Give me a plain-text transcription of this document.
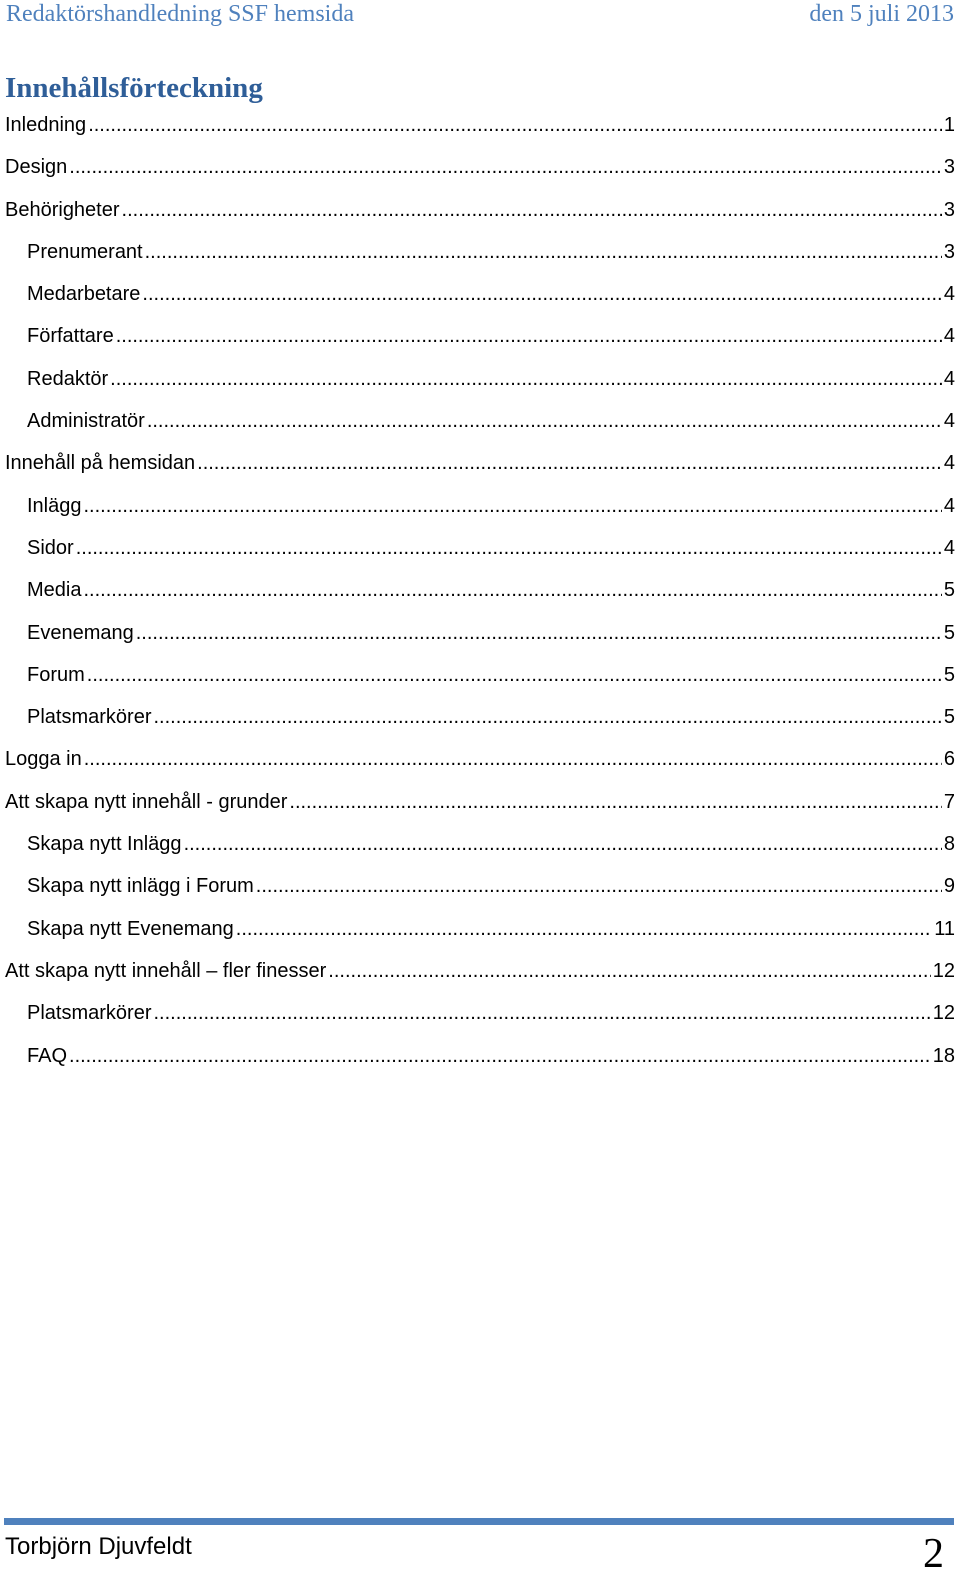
Redaktörshandledning SSF hemsida	den 5 juli 2013
Innehållsförteckning
Inledning .....	1
Design .....	3
Behörigheter .....	3
Prenumerant .....	3
Medarbetare .....	4
Författare .....	4
Redaktör .....	4
Administratör .....	4
Innehåll på hemsidan .....	4
Inlägg .....	4
Sidor .....	4
Media .....	5
Evenemang .....	5
Forum .....	5
Platsmarkörer .....	5
Logga in .....	6
Att skapa nytt innehåll - grunder .....	7
Skapa nytt Inlägg .....	8
Skapa nytt inlägg i Forum .....	9
Skapa nytt Evenemang .....	11
Att skapa nytt innehåll – fler finesser .....	12
Platsmarkörer .....	12
FAQ .....	18
Torbjörn Djuvfeldt	2
